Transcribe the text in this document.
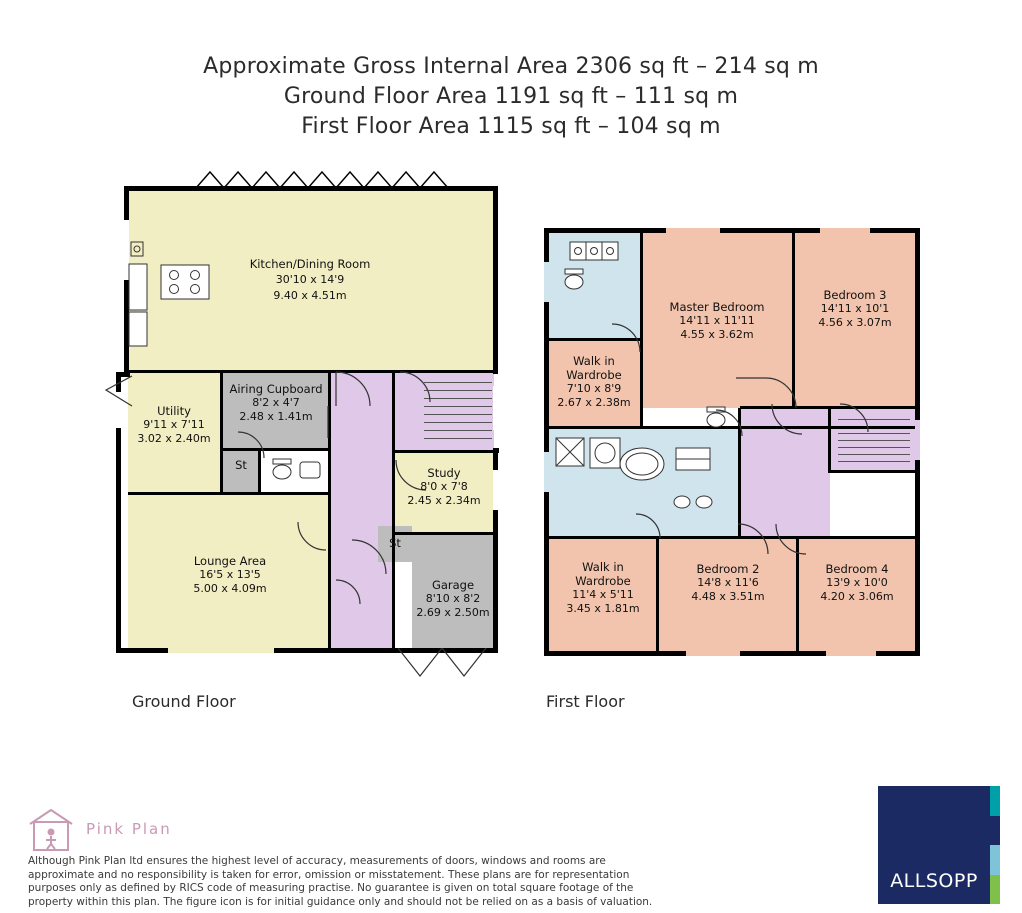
Approximate Gross Internal Area 2306 sq ft – 214 sq m
Ground Floor Area 1191 sq ft – 111 sq m
First Floor Area 1115 sq ft – 104 sq m
Kitchen/Dining Room
30'10 x 14'9
9.40 x 4.51m
Airing Cupboard
8'2 x 4'7
2.48 x 1.41m
Utility
9'11 x 7'11
3.02 x 2.40m
Study
8'0 x 7'8
2.45 x 2.34m
Lounge Area
16'5 x 13'5
5.00 x 4.09m	Garage
8'10 x 8'2
2.69 x 2.50m
St
St
Ground Floor
Master Bedroom
14'11 x 11'11
4.55 x 3.62m
Bedroom 3
14'11 x 10'1
4.56 x 3.07m
Walk in
Wardrobe
7'10 x 8'9
2.67 x 2.38m
Walk in
Wardrobe
11'4 x 5'11
3.45 x 1.81m
Bedroom 2
14'8 x 11'6
4.48 x 3.51m
Bedroom 4
13'9 x 10'0
4.20 x 3.06m
First Floor
Pink Plan
Although Pink Plan ltd ensures the highest level of accuracy, measurements of doors, windows and rooms are approximate and no responsibility is taken for error, omission or misstatement. These plans are for representation purposes only as defined by RICS code of measuring practise. No guarantee is given on total square footage of the property within this plan. The figure icon is for initial guidance only and should not be relied on as a basis of valuation.
ALLSOPP
